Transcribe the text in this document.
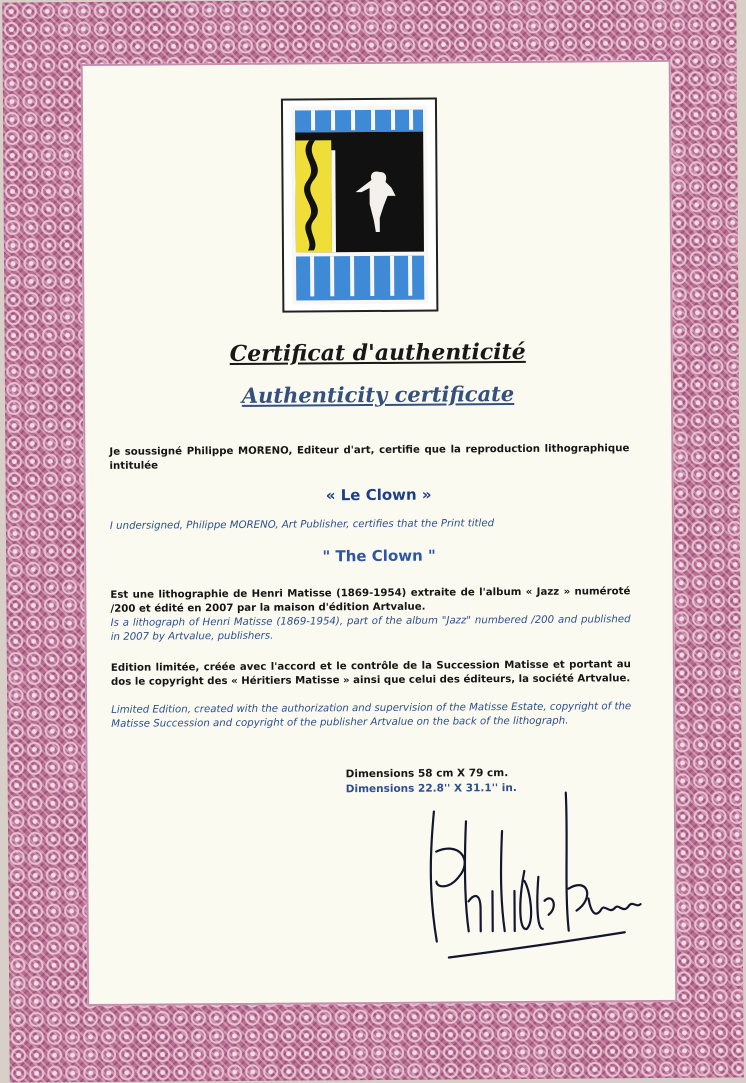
Certificat d'authenticité
Authenticity certificate
Je soussigné Philippe MORENO, Editeur d'art, certifie que la reproduction lithographique intitulée
« Le Clown »
I undersigned, Philippe MORENO, Art Publisher, certifies that the Print titled
" The Clown "
Est une lithographie de Henri Matisse (1869-1954) extraite de l'album « Jazz » numéroté /200 et édité en 2007 par la maison d'édition Artvalue.
Is a lithograph of Henri Matisse (1869-1954), part of the album "Jazz" numbered /200 and published in 2007 by Artvalue, publishers.
Edition limitée, créée avec l'accord et le contrôle de la Succession Matisse et portant au dos le copyright des « Héritiers Matisse » ainsi que celui des éditeurs, la société Artvalue.
Limited Edition, created with the authorization and supervision of the Matisse Estate, copyright of the Matisse Succession and copyright of the publisher Artvalue on the back of the lithograph.
Dimensions 58 cm X 79 cm.
Dimensions 22.8'' X 31.1'' in.
